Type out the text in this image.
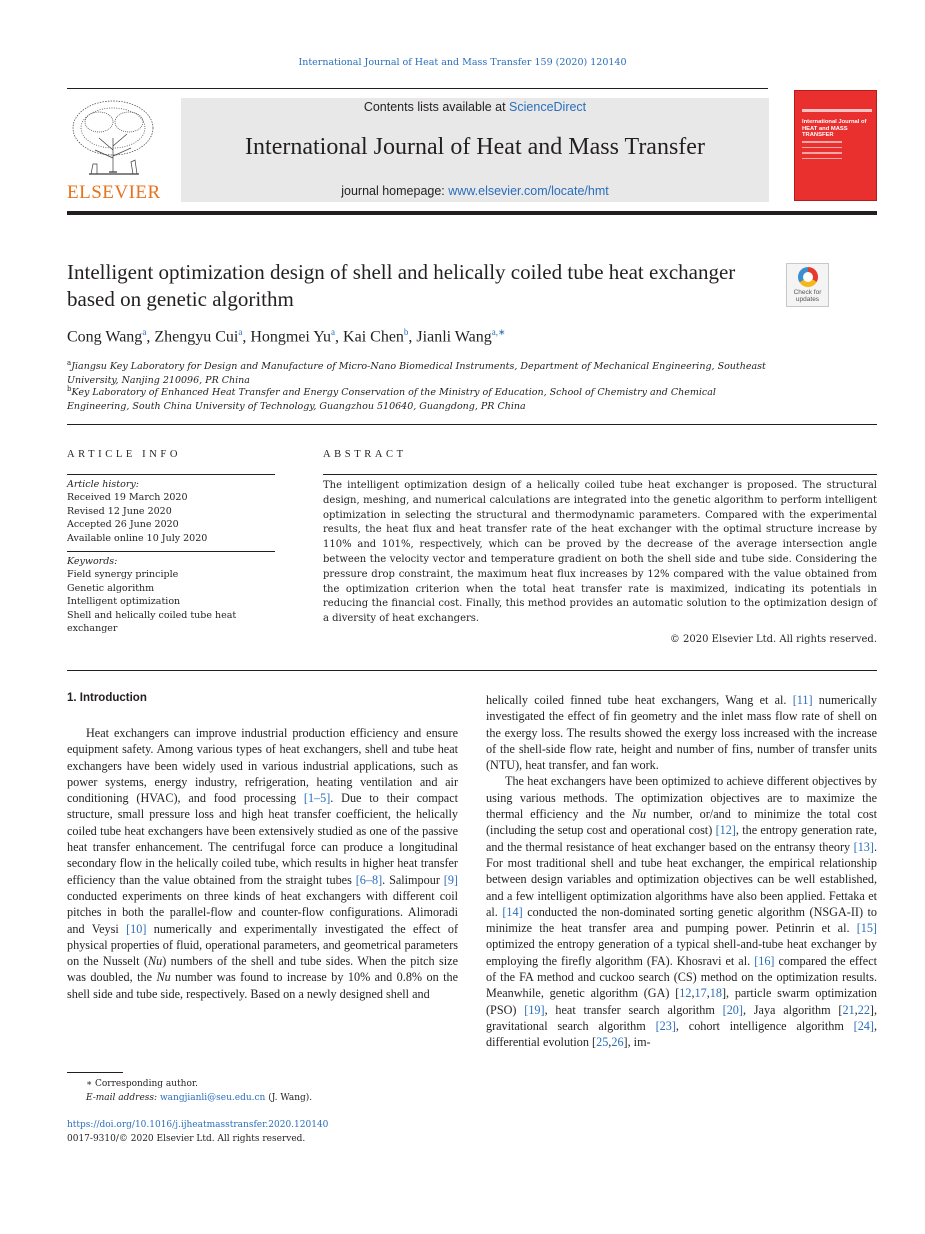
International Journal of Heat and Mass Transfer 159 (2020) 120140
ELSEVIER
Contents lists available at ScienceDirect
International Journal of Heat and Mass Transfer
journal homepage: www.elsevier.com/locate/hmt
International Journal of HEAT and MASS TRANSFER
Intelligent optimization design of shell and helically coiled tube heat exchanger based on genetic algorithm	Check for updates
Cong Wang$^a$, Zhengyu Cui$^a$, Hongmei Yu$^a$, Kai Chen$^b$, Jianli Wang$^{a,∗}$
$^a$Jiangsu Key Laboratory for Design and Manufacture of Micro-Nano Biomedical Instruments, Department of Mechanical Engineering, Southeast University, Nanjing 210096, PR China
$^b$Key Laboratory of Enhanced Heat Transfer and Energy Conservation of the Ministry of Education, School of Chemistry and Chemical Engineering, South China University of Technology, Guangzhou 510640, Guangdong, PR China
ARTICLE INFO	ABSTRACT
Article history:
Received 19 March 2020
Revised 12 June 2020
Accepted 26 June 2020
Available online 10 July 2020
Keywords:
Field synergy principle
Genetic algorithm
Intelligent optimization
Shell and helically coiled tube heat exchanger
The intelligent optimization design of a helically coiled tube heat exchanger is proposed. The structural design, meshing, and numerical calculations are integrated into the genetic algorithm to perform intelligent optimization in selecting the structural and thermodynamic parameters. Compared with the experimental results, the heat flux and heat transfer rate of the heat exchanger with the optimal structure increase by 110% and 101%, respectively, which can be proved by the decrease of the average intersection angle between the velocity vector and temperature gradient on both the shell side and tube side. Considering the pressure drop constraint, the maximum heat flux increases by 12% compared with the value obtained from the optimization criterion when the total heat transfer rate is maximized, indicating its potentials in reducing the financial cost. Finally, this method provides an automatic solution to the optimization design of a diversity of heat exchangers.
© 2020 Elsevier Ltd. All rights reserved.
1. Introduction

Heat exchangers can improve industrial production efficiency and ensure equipment safety. Among various types of heat exchangers, shell and tube heat exchangers have been widely used in various industrial applications, such as power systems, energy industry, refrigeration, heating ventilation and air conditioning (HVAC), and food processing [1–5]. Due to their compact structure, small pressure loss and high heat transfer coefficient, the helically coiled tube heat exchangers have been extensively studied as one of the passive heat transfer enhancement. The centrifugal force can produce a longitudinal secondary flow in the helically coiled tube, which results in higher heat transfer efficiency than the value obtained from the straight tubes [6–8]. Salimpour [9] conducted experiments on three kinds of heat exchangers with different coil pitches in both the parallel-flow and counter-flow configurations. Alimoradi and Veysi [10] numerically and experimentally investigated the effect of physical properties of fluid, operational parameters, and geometrical parameters on the Nusselt (Nu) numbers of the shell and tube sides. When the pitch size was doubled, the Nu number was found to increase by 10% and 0.8% on the shell side and tube side, respectively. Based on a newly designed shell and

helically coiled finned tube heat exchangers, Wang et al. [11] numerically investigated the effect of fin geometry and the inlet mass flow rate of shell on the exergy loss. The results showed the exergy loss increased with the increase of the shell-side flow rate, height and number of fins, number of transfer units (NTU), heat transfer, and fan work.

The heat exchangers have been optimized to achieve different objectives by using various methods. The optimization objectives are to maximize the thermal efficiency and the Nu number, or/and to minimize the total cost (including the setup cost and operational cost) [12], the entropy generation rate, and the thermal resistance of heat exchanger based on the entransy theory [13]. For most traditional shell and tube heat exchanger, the empirical relationship between design variables and optimization objectives can be well established, and a few intelligent optimization algorithms have also been applied. Fettaka et al. [14] conducted the non-dominated sorting genetic algorithm (NSGA-II) to minimize the heat transfer area and pumping power. Petinrin et al. [15] optimized the entropy generation of a typical shell-and-tube heat exchanger by employing the firefly algorithm (FA). Khosravi et al. [16] compared the effect of the FA method and cuckoo search (CS) method on the optimization results. Meanwhile, genetic algorithm (GA) [12,17,18], particle swarm optimization (PSO) [19], heat transfer search algorithm [20], Jaya algorithm [21,22], gravitational search algorithm [23], cohort intelligence algorithm [24], differential evolution [25,26], im-

∗ Corresponding author.
E-mail address: wangjianli@seu.edu.cn (J. Wang).
https://doi.org/10.1016/j.ijheatmasstransfer.2020.120140
0017-9310/© 2020 Elsevier Ltd. All rights reserved.
